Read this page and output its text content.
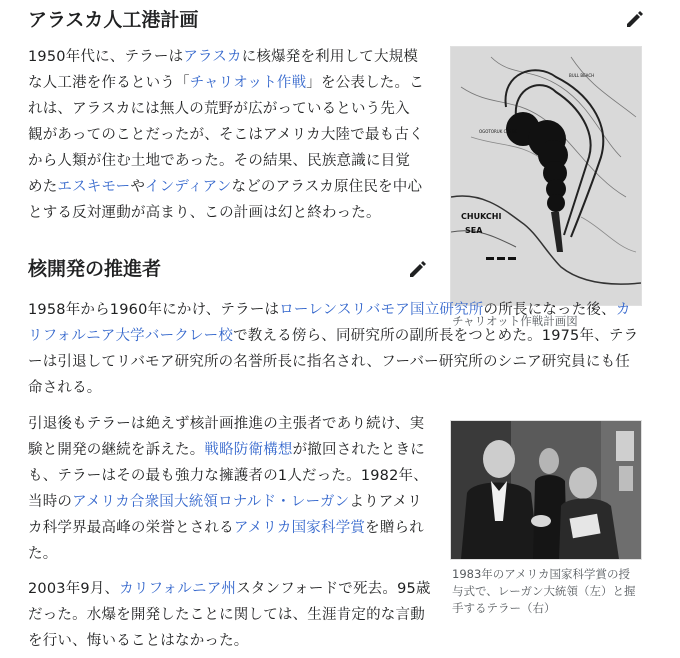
アラスカ人工港計画
1950年代に、テラーはアラスカに核爆発を利用して大規模な人工港を作るという「チャリオット作戦」を公表した。これは、アラスカには無人の荒野が広がっているという先入観があってのことだったが、そこはアメリカ大陸で最も古くから人類が住む土地であった。その結果、民族意識に目覚めたエスキモーやインディアンなどのアラスカ原住民を中心とする反対運動が高まり、この計画は幻と終わった。	CHUKCHI
SEA
OGOTORUK CREEK
BULL BEACH
チャリオット作戦計画図
核開発の推進者
1958年から1960年にかけ、テラーはローレンスリバモア国立研究所の所長になった後、カリフォルニア大学バークレー校で教える傍ら、同研究所の副所長をつとめた。1975年、テラーは引退してリバモア研究所の名誉所長に指名され、フーバー研究所のシニア研究員にも任命される。
引退後もテラーは絶えず核計画推進の主張者であり続け、実験と開発の継続を訴えた。戦略防衛構想が撤回されたときにも、テラーはその最も強力な擁護者の1人だった。1982年、当時のアメリカ合衆国大統領ロナルド・レーガンよりアメリカ科学界最高峰の栄誉とされるアメリカ国家科学賞を贈られた。
1983年のアメリカ国家科学賞の授与式で、レーガン大統領（左）と握手するテラー（右）
2003年9月、カリフォルニア州スタンフォードで死去。95歳だった。水爆を開発したことに関しては、生涯肯定的な言動を行い、悔いることはなかった。
